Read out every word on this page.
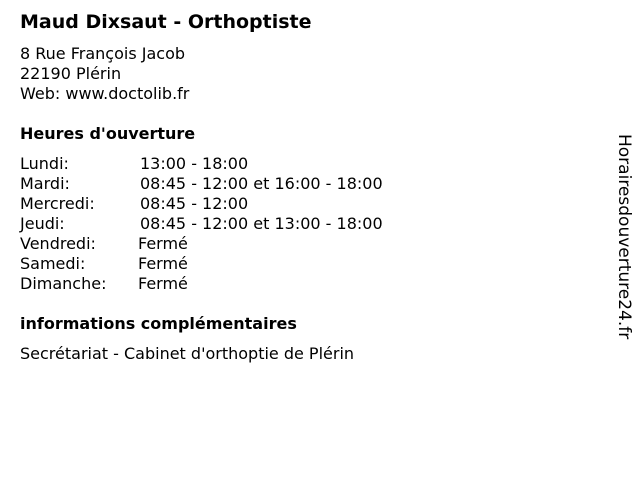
Maud Dixsaut - Orthoptiste
8 Rue François Jacob
22190 Plérin
Web: www.doctolib.fr
Heures d'ouverture
Lundi:	13:00 - 18:00
Mardi:	08:45 - 12:00 et 16:00 - 18:00
Mercredi:	08:45 - 12:00
Jeudi:	08:45 - 12:00 et 13:00 - 18:00
Vendredi:	Fermé
Samedi:	Fermé
Dimanche: Fermé
informations complémentaires
Secrétariat - Cabinet d'orthoptie de Plérin
Horairesdouverture24.fr
